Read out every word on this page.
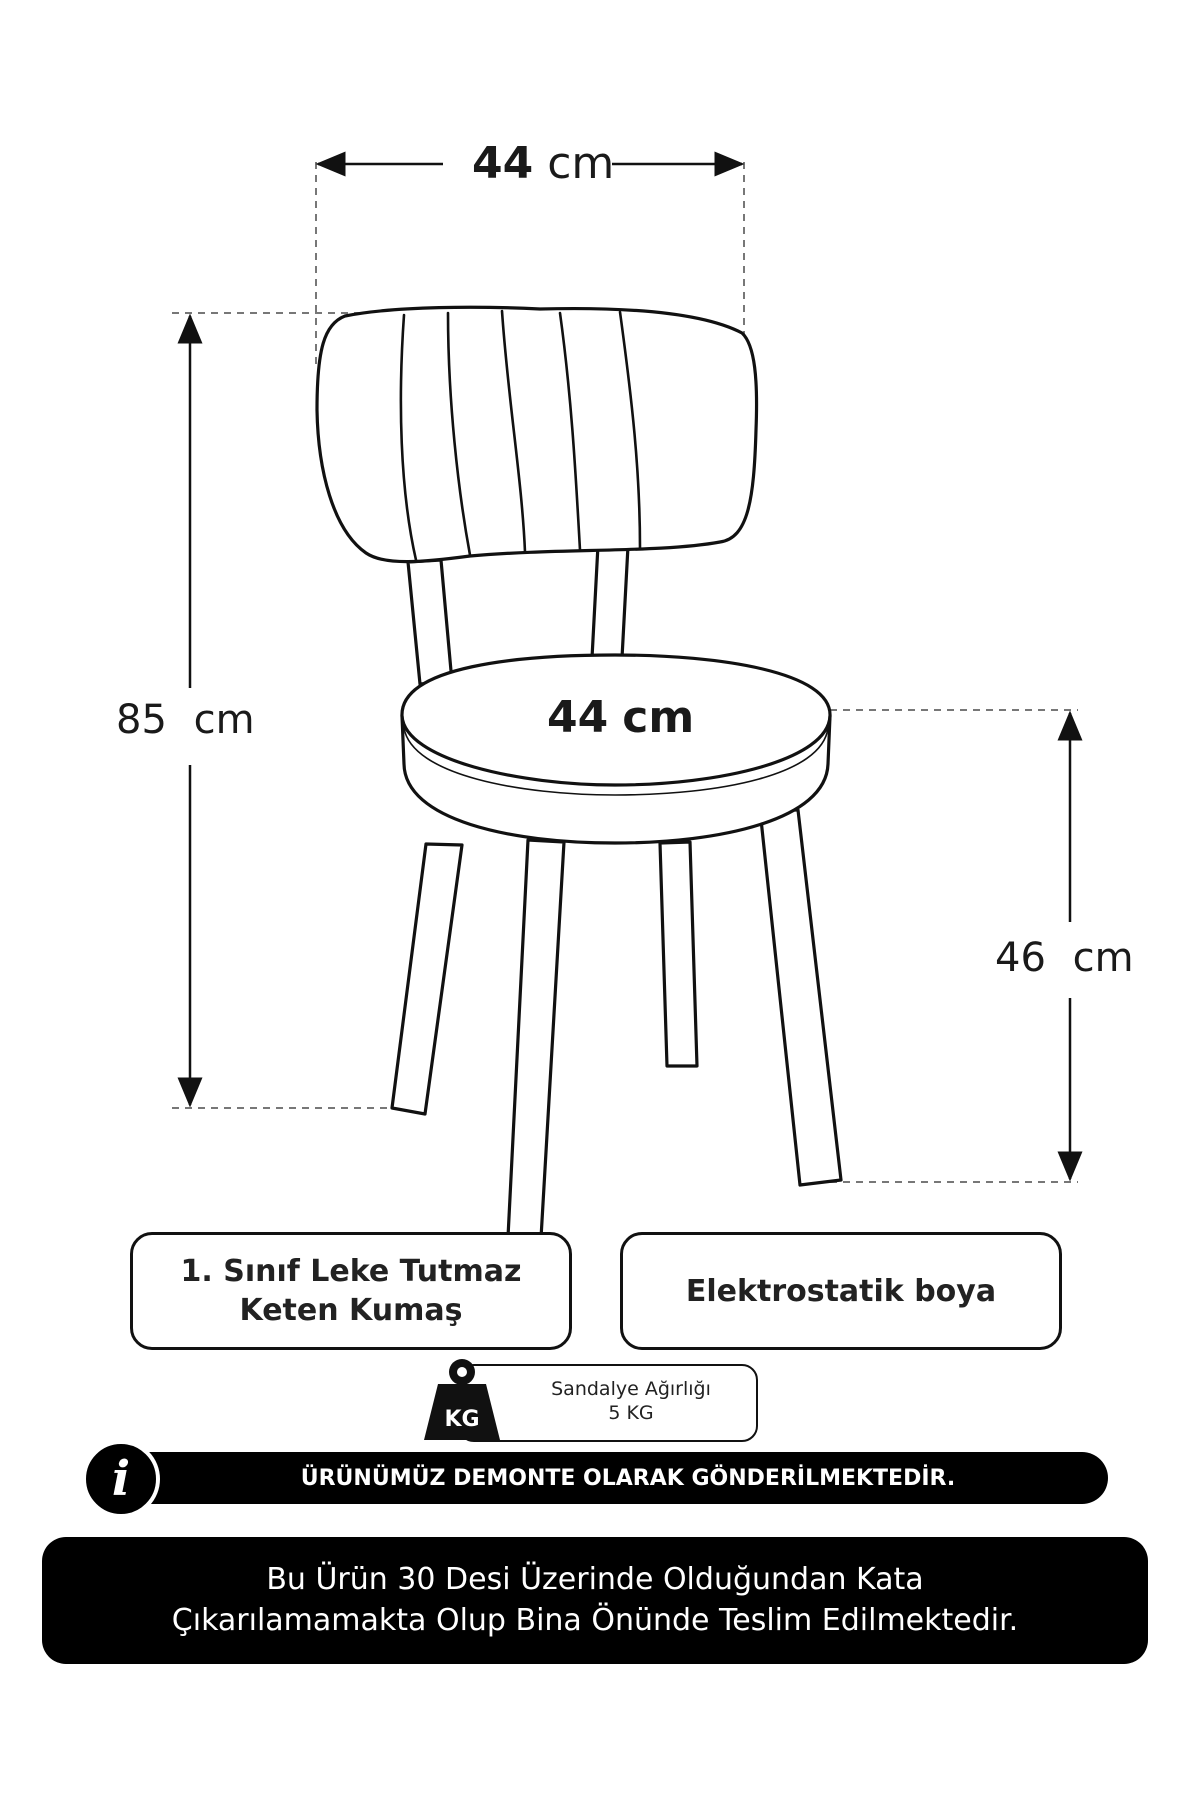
44 cm
85 cm	44 cm
46 cm
1. Sınıf Leke Tutmaz
Keten Kumaş
Elektrostatik boya
Sandalye Ağırlığı
5 KG
KG
ÜRÜNÜMÜZ DEMONTE OLARAK GÖNDERİLMEKTEDİR.
i
Bu Ürün 30 Desi Üzerinde Olduğundan Kata
Çıkarılamamakta Olup Bina Önünde Teslim Edilmektedir.
